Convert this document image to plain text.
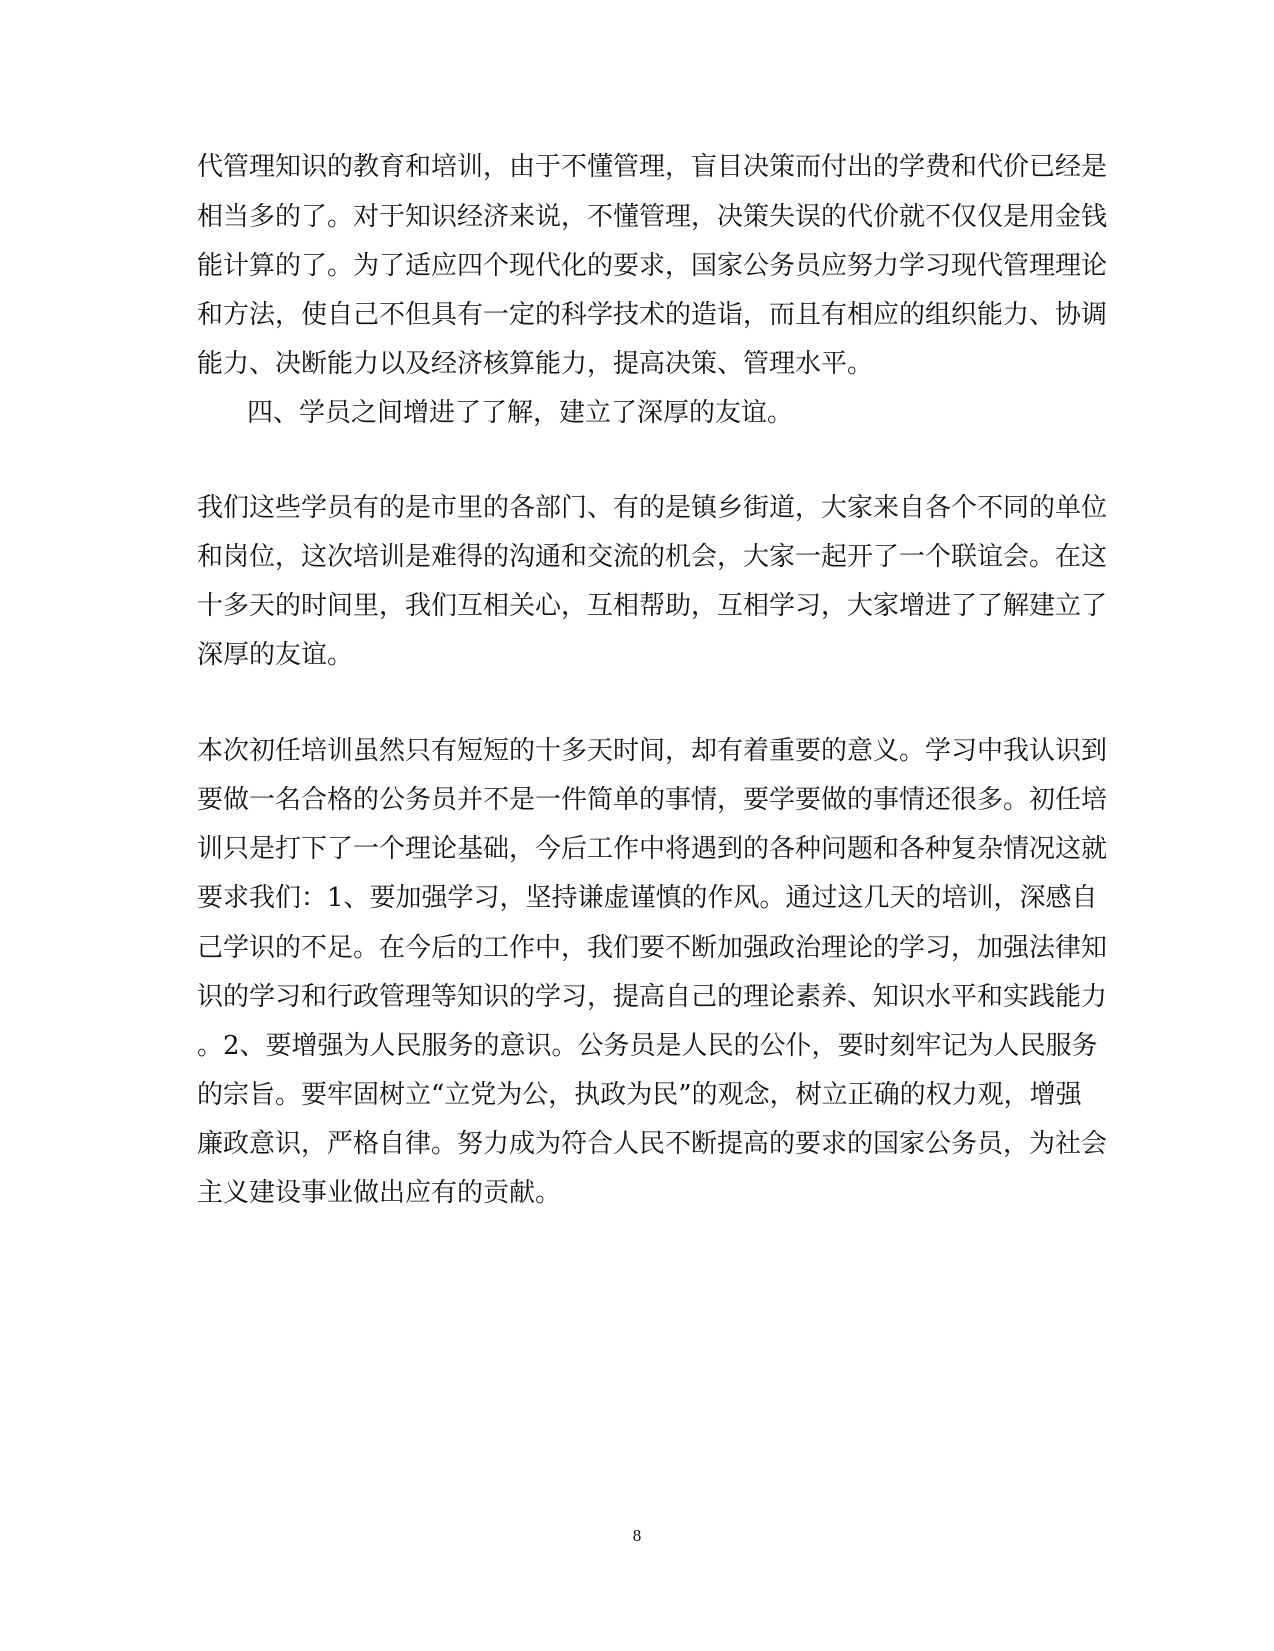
代管理知识的教育和培训，由于不懂管理，盲目决策而付出的学费和代价已经是
相当多的了。对于知识经济来说，不懂管理，决策失误的代价就不仅仅是用金钱
能计算的了。为了适应四个现代化的要求，国家公务员应努力学习现代管理理论
和方法，使自己不但具有一定的科学技术的造诣，而且有相应的组织能力、协调
能力、决断能力以及经济核算能力，提高决策、管理水平。
四、学员之间增进了了解，建立了深厚的友谊。
我们这些学员有的是市里的各部门、有的是镇乡街道，大家来自各个不同的单位
和岗位，这次培训是难得的沟通和交流的机会，大家一起开了一个联谊会。在这
十多天的时间里，我们互相关心，互相帮助，互相学习，大家增进了了解建立了
深厚的友谊。
本次初任培训虽然只有短短的十多天时间，却有着重要的意义。学习中我认识到
要做一名合格的公务员并不是一件简单的事情，要学要做的事情还很多。初任培
训只是打下了一个理论基础，今后工作中将遇到的各种问题和各种复杂情况这就
要求我们：1、要加强学习，坚持谦虚谨慎的作风。通过这几天的培训，深感自
己学识的不足。在今后的工作中，我们要不断加强政治理论的学习，加强法律知
识的学习和行政管理等知识的学习，提高自己的理论素养、知识水平和实践能力
。2、要增强为人民服务的意识。公务员是人民的公仆，要时刻牢记为人民服务
的宗旨。要牢固树立“立党为公，执政为民”的观念，树立正确的权力观，增强
廉政意识，严格自律。努力成为符合人民不断提高的要求的国家公务员，为社会
主义建设事业做出应有的贡献。
8
